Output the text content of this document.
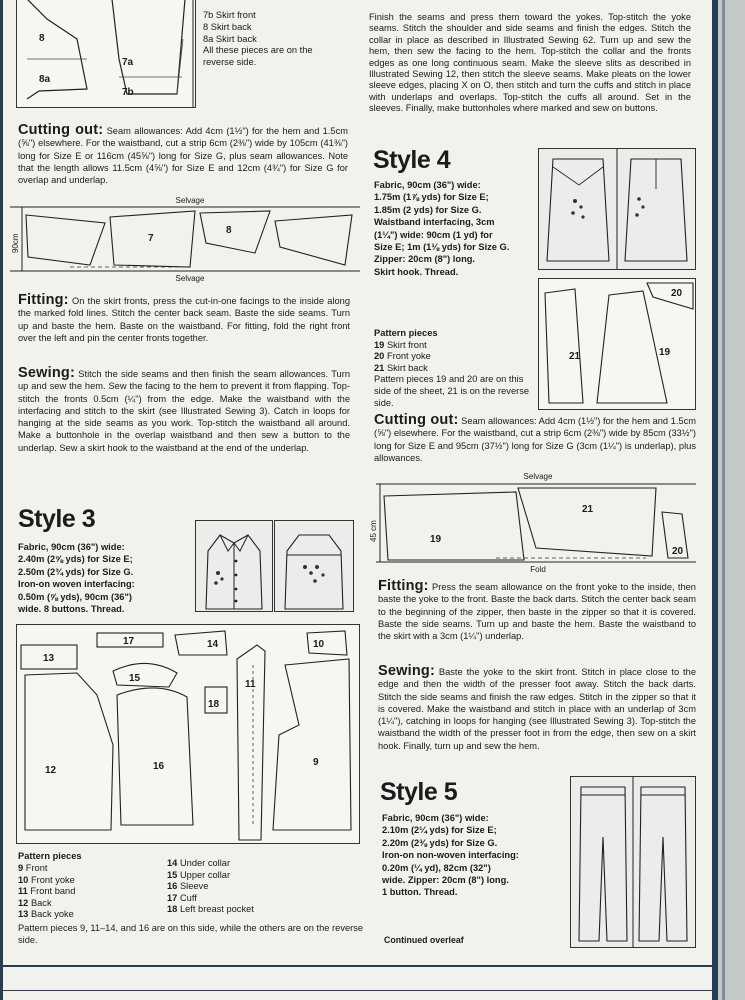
8
8a
7a
7b
7b Skirt front
8 Skirt back
8a Skirt back
All these pieces are on the
reverse side.

Cutting out: Seam allowances: Add 4cm (1½") for the hem and 1.5cm (⅝") elsewhere. For the waistband, cut a strip 6cm (2⅜") wide by 105cm (41⅜") long for Size E or 116cm (45⅝") long for Size G, plus seam allowances. Note that the length allows 11.5cm (4⅝") for Size E and 12cm (4¾") for Size G for overlap and underlap.

Selvage
Selvage
90cm	7
8

Fitting: On the skirt fronts, press the cut-in-one facings to the inside along the marked fold lines. Stitch the center back seam. Baste the side seams. Turn up and baste the hem. Baste on the waistband. For fitting, fold the right front over the left and pin the center fronts together.

Sewing: Stitch the side seams and then finish the seam allowances. Turn up and sew the hem. Sew the facing to the hem to prevent it from flapping. Top-stitch the fronts 0.5cm (¼") from the edge. Make the waistband with the interfacing and stitch to the skirt (see Illustrated Sewing 3). Catch in loops for hanging at the side seams as you work. Top-stitch the waistband all around. Make a buttonhole in the overlap waistband and then sew a button to the underlap. Sew a skirt hook to the waistband at the end of the underlap.

Style 3
Fabric, 90cm (36") wide:
2.40m (2⅝ yds) for Size E;
2.50m (2¾ yds) for Size G.
Iron-on woven interfacing:
0.50m (⅝ yds), 90cm (36")
wide. 8 buttons. Thread.
13
17	14	10
15
11
18
12	16	9
Pattern pieces
9 Front
10 Front yoke
11 Front band
12 Back
13 Back yoke
14 Under collar
15 Upper collar
16 Sleeve
17 Cuff
18 Left breast pocket

Pattern pieces 9, 11–14, and 16 are on this side, while the others are on the reverse side.

Finish the seams and press them toward the yokes. Top-stitch the yoke seams. Stitch the shoulder and side seams and finish the edges. Stitch the collar in place as described in Illustrated Sewing 62. Turn up and sew the hem, then sew the facing to the hem. Top-stitch the collar and the fronts edges as one long continuous seam. Make the sleeve slits as described in Illustrated Sewing 12, then stitch the sleeve seams. Make pleats on the lower sleeve edges, placing X on O, then stitch and turn the cuffs and stitch in place with underlaps and overlaps. Top-stitch the cuffs all around. Set in the sleeves. Finally, make buttonholes where marked and sew on buttons.

Style 4
Fabric, 90cm (36") wide:
1.75m (1⅞ yds) for Size E;
1.85m (2 yds) for Size G.
Waistband interfacing, 3cm
(1¼") wide: 90cm (1 yd) for
Size E; 1m (1⅛ yds) for Size G.
Zipper: 20cm (8") long.
Skirt hook. Thread.
20
21	19
Pattern pieces
19 Skirt front
20 Front yoke
21 Skirt back
Pattern pieces 19 and 20 are on this side of the sheet, 21 is on the reverse side.

Cutting out: Seam allowances: Add 4cm (1½") for the hem and 1.5cm (⅝") elsewhere. For the waistband, cut a strip 6cm (2⅜") wide by 85cm (33½") long for Size E and 95cm (37½") long for Size G (3cm (1¼") is underlap), plus allowances.

Selvage
Fold
45 cm	19
21
20

Fitting: Press the seam allowance on the front yoke to the inside, then baste the yoke to the front. Baste the back darts. Stitch the center back seam to the beginning of the zipper, then baste in the zipper so that it is covered. Baste the side seams. Turn up and baste the hem. Baste the waistband to the skirt with a 3cm (1¼") underlap.

Sewing: Baste the yoke to the skirt front. Stitch in place close to the edge and then the width of the presser foot away. Stitch the back darts. Stitch the side seams and finish the raw edges. Stitch in the zipper so that it is covered. Make the waistband and stitch in place with an underlap of 3cm (1¼"), catching in loops for hanging (see Illustrated Sewing 3). Top-stitch the waistband the width of the presser foot in from the edge, then sew on a skirt hook. Finally, turn up and sew the hem.

Style 5
Fabric, 90cm (36") wide:
2.10m (2¼ yds) for Size E;
2.20m (2⅜ yds) for Size G.
Iron-on non-woven interfacing:
0.20m (¼ yd), 82cm (32")
wide. Zipper: 20cm (8") long.
1 button. Thread.
Continued overleaf
